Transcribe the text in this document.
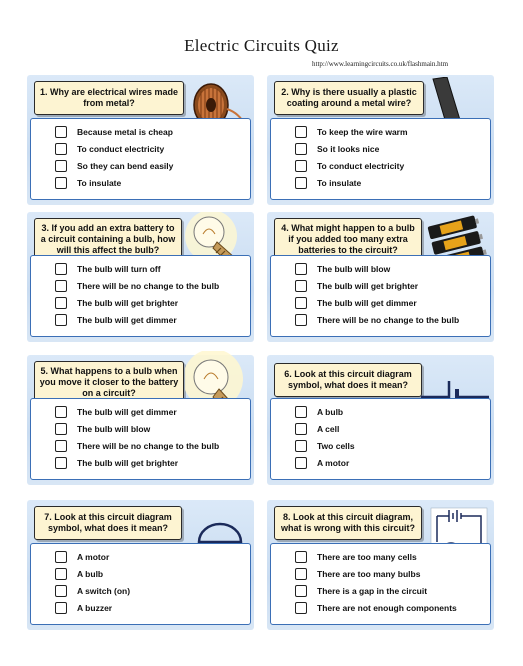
Electric Circuits Quiz
http://www.learningcircuits.co.uk/flashmain.htm
1. Why are electrical wires made from metal?
Because metal is cheap
To conduct electricity
So they can bend easily
To insulate
2. Why is there usually a plastic coating around a metal wire?
To keep the wire warm
So it looks nice
To conduct electricity
To insulate
3. If you add an extra battery to a circuit containing a bulb, how will this affect the bulb?
The bulb will turn off
There will be no change to the bulb
The bulb will get brighter
The bulb will get dimmer
4. What might happen to a bulb if you added too many extra batteries to the circuit?
The bulb will blow
The bulb will get brighter
The bulb will get dimmer
There will be no change to the bulb
5. What happens to a bulb when you move it closer to the battery on a circuit?
The bulb will get dimmer
The bulb will blow
There will be no change to the bulb
The bulb will get brighter
6. Look at this circuit diagram symbol, what does it mean?
A bulb
A cell
Two cells
A motor
7. Look at this circuit diagram symbol, what does it mean?
A motor
A bulb
A switch (on)
A buzzer
8. Look at this circuit diagram, what is wrong with this circuit?
There are too many cells
There are too many bulbs
There is a gap in the circuit
There are not enough components
